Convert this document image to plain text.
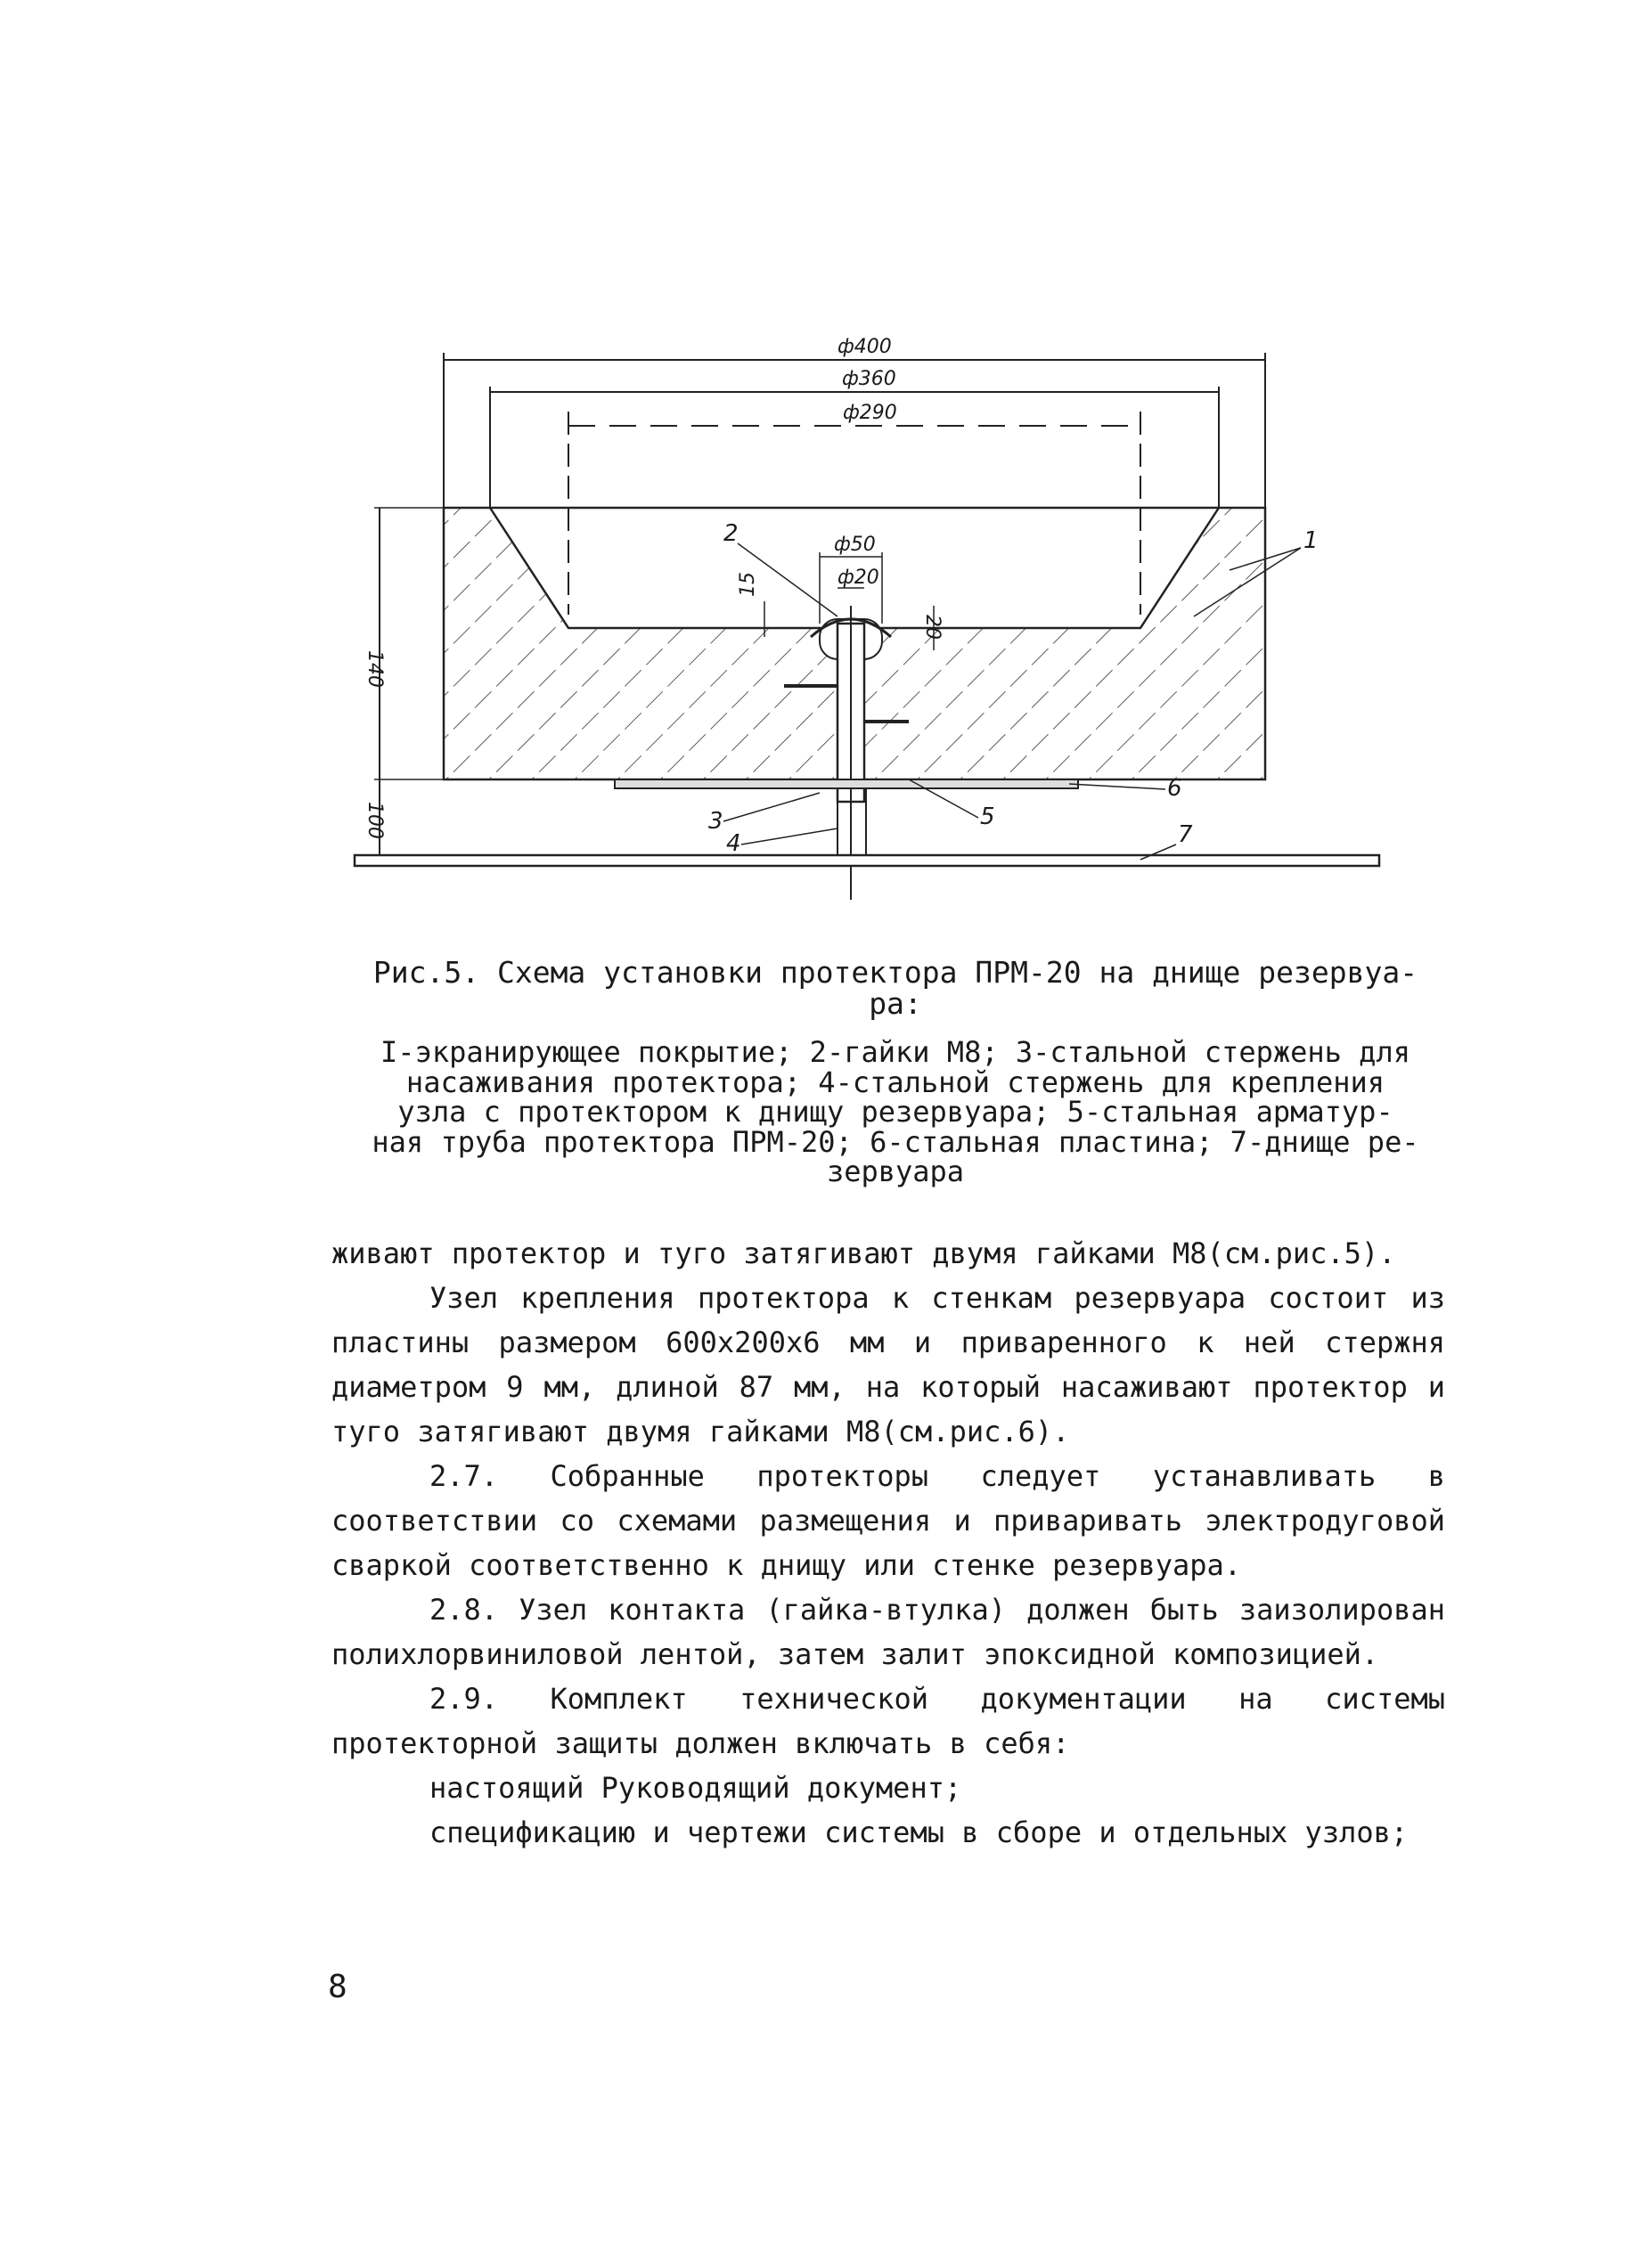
ф400
ф360
ф290
140
100
ф50
ф20
15
20
1
2
3
4
5
6
7
Рис.5. Схема установки протектора ПРМ-20 на днище резервуа-
ра:
I-экранирующее покрытие; 2-гайки М8; 3-стальной стержень для
насаживания протектора; 4-стальной стержень для крепления
узла с протектором к днищу резервуара; 5-стальная арматур-
ная труба протектора ПРМ-20; 6-стальная пластина; 7-днище ре-
зервуара

живают протектор и туго затягивают двумя гайками М8(см.рис.5).

Узел крепления протектора к стенкам резервуара состоит из пластины размером 600х200х6 мм и приваренного к ней стержня диаметром 9 мм, длиной 87 мм, на который насаживают протектор и туго затягивают двумя гайками М8(см.рис.6).

2.7. Собранные протекторы следует устанавливать в соответствии со схемами размещения и приваривать электродуговой сваркой соответственно к днищу или стенке резервуара.

2.8. Узел контакта (гайка-втулка) должен быть заизолирован полихлорвиниловой лентой, затем залит эпоксидной композицией.

2.9. Комплект технической документации на системы протекторной защиты должен включать в себя:

настоящий Руководящий документ;

спецификацию и чертежи системы в сборе и отдельных узлов;

8
